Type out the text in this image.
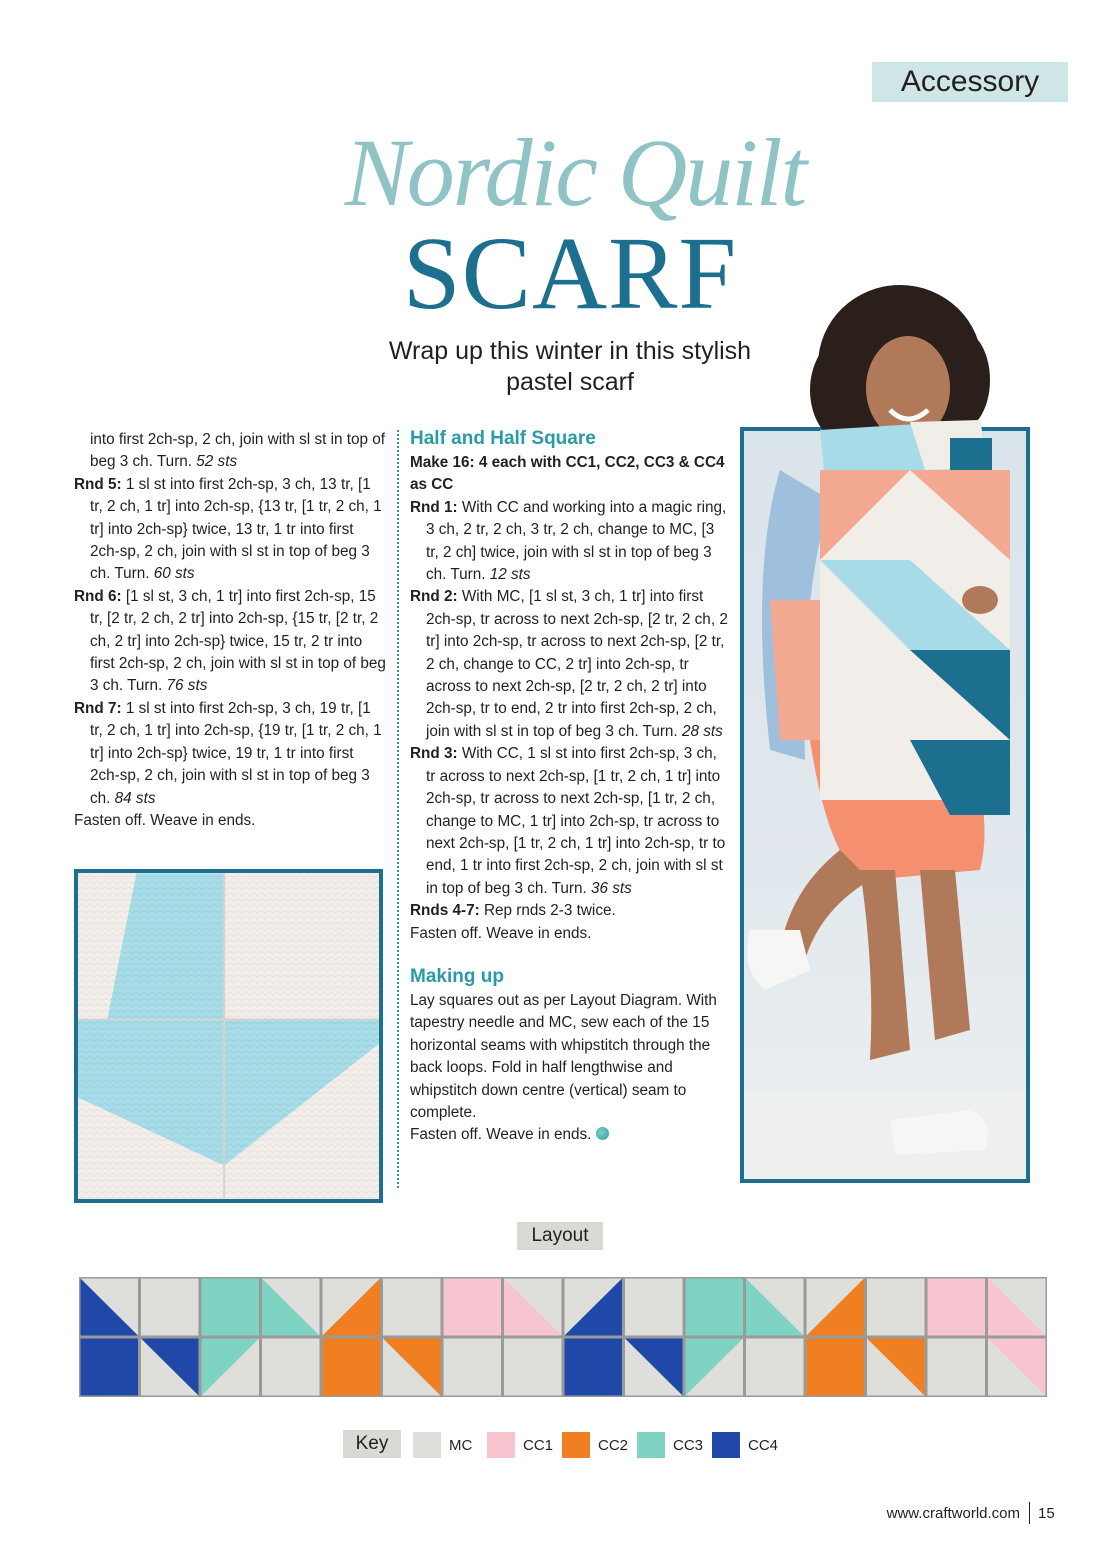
Accessory
Nordic Quilt
SCARF
Wrap up this winter in this stylish pastel scarf

into first 2ch-sp, 2 ch, join with sl st in top of beg 3 ch. Turn. 52 sts

Rnd 5: 1 sl st into first 2ch-sp, 3 ch, 13 tr, [1 tr, 2 ch, 1 tr] into 2ch-sp, {13 tr, [1 tr, 2 ch, 1 tr] into 2ch-sp} twice, 13 tr, 1 tr into first 2ch-sp, 2 ch, join with sl st in top of beg 3 ch. Turn. 60 sts

Rnd 6: [1 sl st, 3 ch, 1 tr] into first 2ch-sp, 15 tr, [2 tr, 2 ch, 2 tr] into 2ch-sp, {15 tr, [2 tr, 2 ch, 2 tr] into 2ch-sp} twice, 15 tr, 2 tr into first 2ch-sp, 2 ch, join with sl st in top of beg 3 ch. Turn. 76 sts

Rnd 7: 1 sl st into first 2ch-sp, 3 ch, 19 tr, [1 tr, 2 ch, 1 tr] into 2ch-sp, {19 tr, [1 tr, 2 ch, 1 tr] into 2ch-sp} twice, 19 tr, 1 tr into first 2ch-sp, 2 ch, join with sl st in top of beg 3 ch. 84 sts

Fasten off. Weave in ends.

Half and Half Square

Make 16: 4 each with CC1, CC2, CC3 & CC4 as CC

Rnd 1: With CC and working into a magic ring, 3 ch, 2 tr, 2 ch, 3 tr, 2 ch, change to MC, [3 tr, 2 ch] twice, join with sl st in top of beg 3 ch. Turn. 12 sts

Rnd 2: With MC, [1 sl st, 3 ch, 1 tr] into first 2ch-sp, tr across to next 2ch-sp, [2 tr, 2 ch, 2 tr] into 2ch-sp, tr across to next 2ch-sp, [2 tr, 2 ch, change to CC, 2 tr] into 2ch-sp, tr across to next 2ch-sp, [2 tr, 2 ch, 2 tr] into 2ch-sp, tr to end, 2 tr into first 2ch-sp, 2 ch, join with sl st in top of beg 3 ch. Turn. 28 sts

Rnd 3: With CC, 1 sl st into first 2ch-sp, 3 ch, tr across to next 2ch-sp, [1 tr, 2 ch, 1 tr] into 2ch-sp, tr across to next 2ch-sp, [1 tr, 2 ch, change to MC, 1 tr] into 2ch-sp, tr across to next 2ch-sp, [1 tr, 2 ch, 1 tr] into 2ch-sp, tr to end, 1 tr into first 2ch-sp, 2 ch, join with sl st in top of beg 3 ch. Turn. 36 sts

Rnds 4-7: Rep rnds 2-3 twice.

Fasten off. Weave in ends.

Making up

Lay squares out as per Layout Diagram. With tapestry needle and MC, sew each of the 15 horizontal seams with whipstitch through the back loops. Fold in half lengthwise and whipstitch down centre (vertical) seam to complete.

Fasten off. Weave in ends.

Layout
Key	MC	CC1	CC2	CC3	CC4
www.craftworld.com 15
